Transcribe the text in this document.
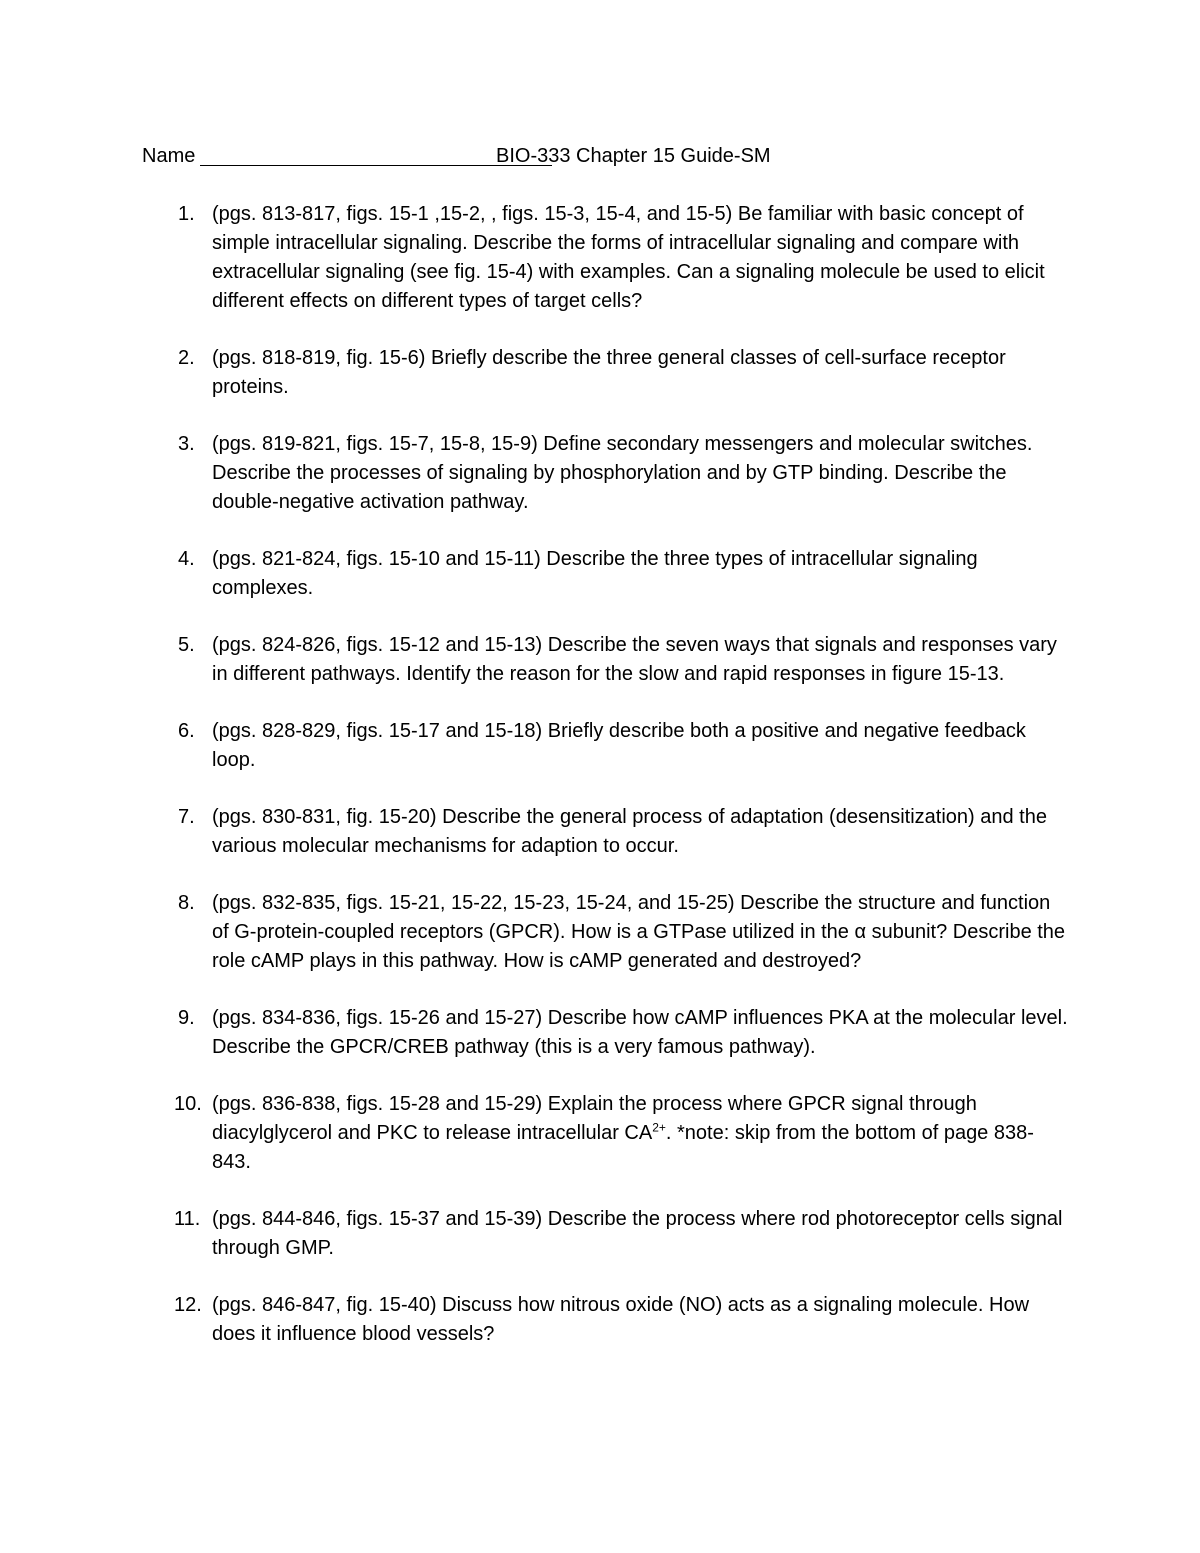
Name	BIO-333 Chapter 15 Guide-SM
1. (pgs. 813-817, figs. 15-1 ,15-2, , figs. 15-3, 15-4, and 15-5) Be familiar with basic concept of simple intracellular signaling. Describe the forms of intracellular signaling and compare with extracellular signaling (see fig. 15-4) with examples. Can a signaling molecule be used to elicit different effects on different types of target cells?
2. (pgs. 818-819, fig. 15-6) Briefly describe the three general classes of cell-surface receptor proteins.
3. (pgs. 819-821, figs. 15-7, 15-8, 15-9) Define secondary messengers and molecular switches. Describe the processes of signaling by phosphorylation and by GTP binding. Describe the double-negative activation pathway.
4. (pgs. 821-824, figs. 15-10 and 15-11) Describe the three types of intracellular signaling complexes.
5. (pgs. 824-826, figs. 15-12 and 15-13) Describe the seven ways that signals and responses vary in different pathways. Identify the reason for the slow and rapid responses in figure 15-13.
6. (pgs. 828-829, figs. 15-17 and 15-18) Briefly describe both a positive and negative feedback loop.
7. (pgs. 830-831, fig. 15-20) Describe the general process of adaptation (desensitization) and the various molecular mechanisms for adaption to occur.
8. (pgs. 832-835, figs. 15-21, 15-22, 15-23, 15-24, and 15-25) Describe the structure and function of G-protein-coupled receptors (GPCR). How is a GTPase utilized in the α subunit? Describe the role cAMP plays in this pathway. How is cAMP generated and destroyed?
9. (pgs. 834-836, figs. 15-26 and 15-27) Describe how cAMP influences PKA at the molecular level. Describe the GPCR/CREB pathway (this is a very famous pathway).
10. (pgs. 836-838, figs. 15-28 and 15-29) Explain the process where GPCR signal through diacylglycerol and PKC to release intracellular $CA^{2+}$. *note: skip from the bottom of page 838-843.
11. (pgs. 844-846, figs. 15-37 and 15-39) Describe the process where rod photoreceptor cells signal through GMP.
12. (pgs. 846-847, fig. 15-40) Discuss how nitrous oxide (NO) acts as a signaling molecule. How does it influence blood vessels?
